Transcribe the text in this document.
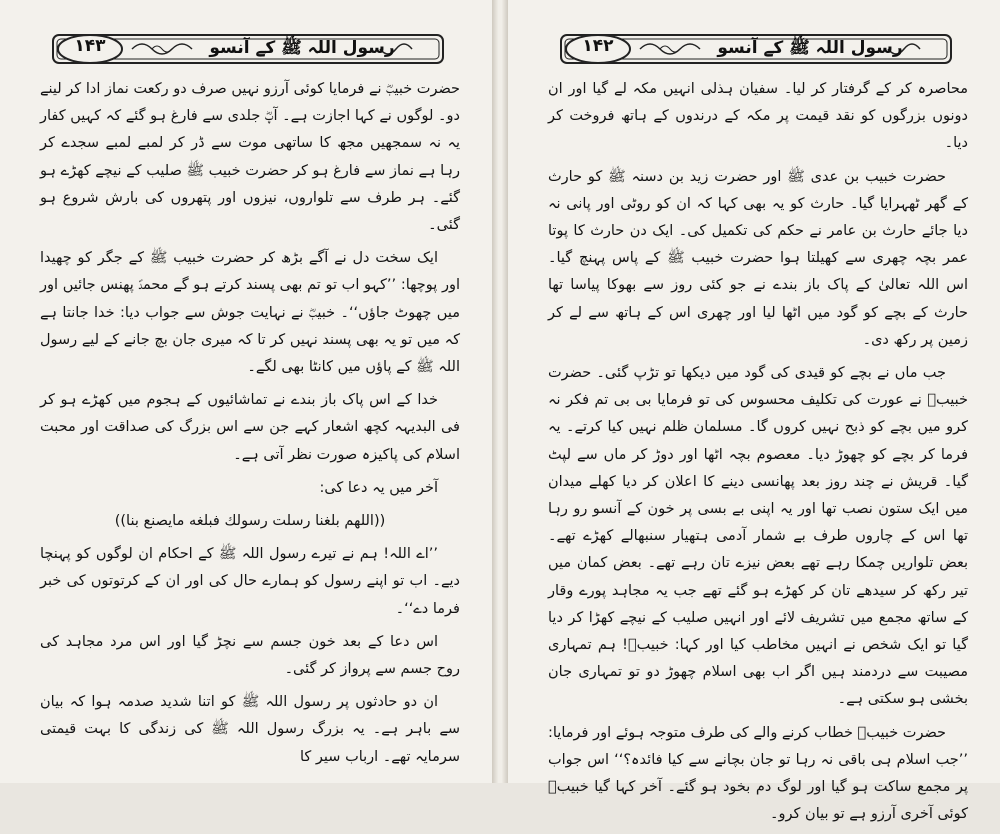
۱۴۳	رسول اللہ ﷺ کے آنسو

حضرت خبیبؓ نے فرمایا کوئی آرزو نہیں صرف دو رکعت نماز ادا کر لینے دو۔ لوگوں نے کہا اجازت ہے۔ آپؓ جلدی سے فارغ ہو گئے کہ کہیں کفار یہ نہ سمجھیں مجھ کا ساتھی موت سے ڈر کر لمبے لمبے سجدے کر رہا ہے نماز سے فارغ ہو کر حضرت خبیب ﷺ صلیب کے نیچے کھڑے ہو گئے۔ ہر طرف سے تلواروں، نیزوں اور پتھروں کی بارش شروع ہو گئی۔

ایک سخت دل نے آگے بڑھ کر حضرت خبیب ﷺ کے جگر کو چھیدا اور پوچھا: ’’کہو اب تو تم بھی پسند کرتے ہو گے محمدؐ پھنس جائیں اور میں چھوٹ جاؤں‘‘۔ خبیبؓ نے نہایت جوش سے جواب دیا: خدا جانتا ہے کہ میں تو یہ بھی پسند نہیں کر تا کہ میری جان بچ جانے کے لیے رسول اللہ ﷺ کے پاؤں میں کانٹا بھی لگے۔

خدا کے اس پاک باز بندے نے تماشائیوں کے ہجوم میں کھڑے ہو کر فی البدیہہ کچھ اشعار کہے جن سے اس بزرگ کی صداقت اور محبت اسلام کی پاکیزہ صورت نظر آتی ہے۔

آخر میں یہ دعا کی:

((اللھم بلغنا رسلت رسولك فبلغه مايصنع بنا))

’’اے اللہ! ہم نے تیرے رسول اللہ ﷺ کے احکام ان لوگوں کو پہنچا دیے۔ اب تو اپنے رسول کو ہمارے حال کی اور ان کے کرتوتوں کی خبر فرما دے‘‘۔

اس دعا کے بعد خون جسم سے نچڑ گیا اور اس مرد مجاہد کی روح جسم سے پرواز کر گئی۔

ان دو حادثوں پر رسول اللہ ﷺ کو اتنا شدید صدمہ ہوا کہ بیان سے باہر ہے۔ یہ بزرگ رسول اللہ ﷺ کی زندگی کا بہت قیمتی سرمایہ تھے۔ ارباب سیر کا

۱۴۲	رسول اللہ ﷺ کے آنسو

محاصرہ کر کے گرفتار کر لیا۔ سفیان ہذلی انہیں مکہ لے گیا اور ان دونوں بزرگوں کو نقد قیمت پر مکہ کے درندوں کے ہاتھ فروخت کر دیا۔

حضرت خبیب بن عدی ﷺ اور حضرت زید بن دسنہ ﷺ کو حارث کے گھر ٹھہرایا گیا۔ حارث کو یہ بھی کہا کہ ان کو روٹی اور پانی نہ دیا جائے حارث بن عامر نے حکم کی تکمیل کی۔ ایک دن حارث کا پوتا عمر بچہ چھری سے کھیلتا ہوا حضرت خبیب ﷺ کے پاس پہنچ گیا۔ اس اللہ تعالیٰ کے پاک باز بندے نے جو کئی روز سے بھوکا پیاسا تھا حارث کے بچے کو گود میں اٹھا لیا اور چھری اس کے ہاتھ سے لے کر زمین پر رکھ دی۔

جب ماں نے بچے کو قیدی کی گود میں دیکھا تو تڑپ گئی۔ حضرت خبیبؓ نے عورت کی تکلیف محسوس کی تو فرمایا بی بی تم فکر نہ کرو میں بچے کو ذبح نہیں کروں گا۔ مسلمان ظلم نہیں کیا کرتے۔ یہ فرما کر بچے کو چھوڑ دیا۔ معصوم بچہ اٹھا اور دوڑ کر ماں سے لپٹ گیا۔ قریش نے چند روز بعد پھانسی دینے کا اعلان کر دیا کھلے میدان میں ایک ستون نصب تھا اور یہ اپنی بے بسی پر خون کے آنسو رو رہا تھا اس کے چاروں طرف بے شمار آدمی ہتھیار سنبھالے کھڑے تھے۔ بعض تلواریں چمکا رہے تھے بعض نیزے تان رہے تھے۔ بعض کمان میں تیر رکھ کر سیدھے تان کر کھڑے ہو گئے تھے جب یہ مجاہد پورے وقار کے ساتھ مجمع میں تشریف لائے اور انہیں صلیب کے نیچے کھڑا کر دیا گیا تو ایک شخص نے انہیں مخاطب کیا اور کہا: خبیبؓ! ہم تمہاری مصیبت سے دردمند ہیں اگر اب بھی اسلام چھوڑ دو تو تمہاری جان بخشی ہو سکتی ہے۔

حضرت خبیبؓ خطاب کرنے والے کی طرف متوجہ ہوئے اور فرمایا: ’’جب اسلام ہی باقی نہ رہا تو جان بچانے سے کیا فائدہ؟‘‘ اس جواب پر مجمع ساکت ہو گیا اور لوگ دم بخود ہو گئے۔ آخر کہا گیا خبیبؓ کوئی آخری آرزو ہے تو بیان کرو۔
